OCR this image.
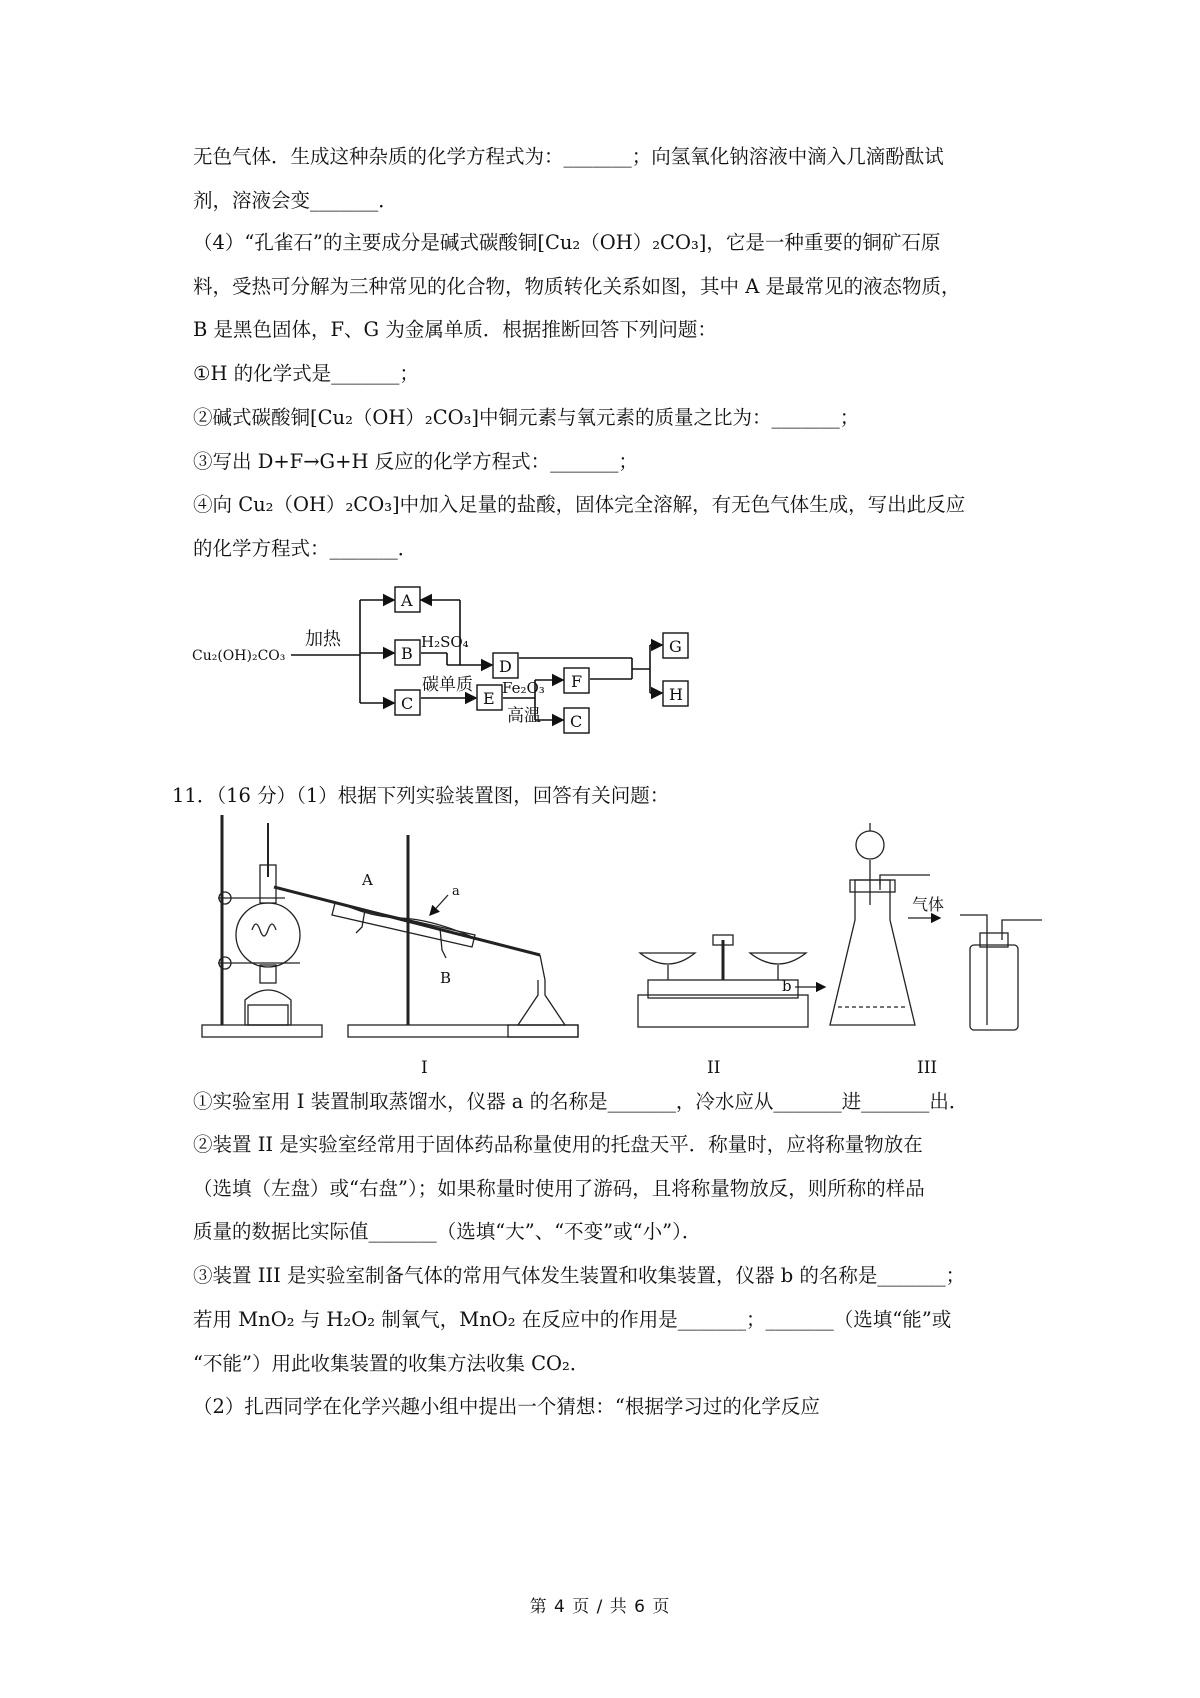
无色气体．生成这种杂质的化学方程式为：_______；向氢氧化钠溶液中滴入几滴酚酞试
剂，溶液会变_______．
（4）“孔雀石”的主要成分是碱式碳酸铜[Cu₂（OH）₂CO₃]，它是一种重要的铜矿石原
料，受热可分解为三种常见的化合物，物质转化关系如图，其中 A 是最常见的液态物质，
B 是黑色固体，F、G 为金属单质．根据推断回答下列问题：
①H 的化学式是_______；
②碱式碳酸铜[Cu₂（OH）₂CO₃]中铜元素与氧元素的质量之比为：_______；
③写出 D+F→G+H 反应的化学方程式：_______；
④向 Cu₂（OH）₂CO₃]中加入足量的盐酸，固体完全溶解，有无色气体生成，写出此反应
的化学方程式：_______．
Cu₂(OH)₂CO₃
加热
A
B
C
H₂SO₄
D
碳单质
E
Fe₂O₃
高温
F
C
G
H
11．（16 分）（1）根据下列实验装置图，回答有关问题：
A
a
B	b
气体
I	II	III
①实验室用 I 装置制取蒸馏水，仪器 a 的名称是_______，冷水应从_______进_______出．
②装置 II 是实验室经常用于固体药品称量使用的托盘天平．称量时，应将称量物放在
（选填（左盘）或“右盘”）；如果称量时使用了游码，且将称量物放反，则所称的样品
质量的数据比实际值_______（选填“大”、“不变”或“小”）．
③装置 III 是实验室制备气体的常用气体发生装置和收集装置，仪器 b 的名称是_______；
若用 MnO₂ 与 H₂O₂ 制氧气，MnO₂ 在反应中的作用是_______；_______（选填“能”或
“不能”）用此收集装置的收集方法收集 CO₂．
（2）扎西同学在化学兴趣小组中提出一个猜想：“根据学习过的化学反应
第 4 页 / 共 6 页
